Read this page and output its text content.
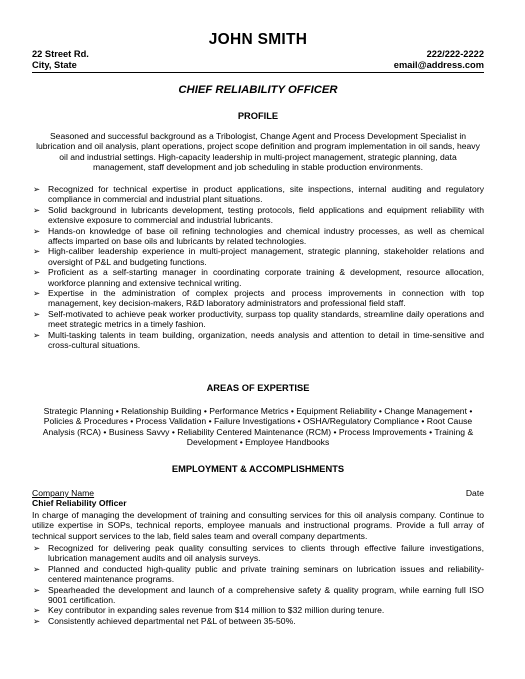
JOHN SMITH
22 Street Rd.
City, State
222/222-2222
email@address.com
CHIEF RELIABILITY OFFICER
PROFILE
Seasoned and successful background as a Tribologist, Change Agent and Process Development Specialist in lubrication and oil analysis, plant operations, project scope definition and program implementation in oil sands, heavy oil and industrial settings. High-capacity leadership in multi-project management, strategic planning, data management, staff development and job scheduling in stable production environments.
➢ Recognized for technical expertise in product applications, site inspections, internal auditing and regulatory compliance in commercial and industrial plant situations.
➢ Solid background in lubricants development, testing protocols, field applications and equipment reliability with extensive exposure to commercial and industrial lubricants.
➢ Hands-on knowledge of base oil refining technologies and chemical industry processes, as well as chemical affects imparted on base oils and lubricants by related technologies.
➢ High-caliber leadership experience in multi-project management, strategic planning, stakeholder relations and oversight of P&L and budgeting functions.
➢ Proficient as a self-starting manager in coordinating corporate training & development, resource allocation, workforce planning and extensive technical writing.
➢ Expertise in the administration of complex projects and process improvements in connection with top management, key decision-makers, R&D laboratory administrators and professional field staff.
➢ Self-motivated to achieve peak worker productivity, surpass top quality standards, streamline daily operations and meet strategic metrics in a timely fashion.
➢ Multi-tasking talents in team building, organization, needs analysis and attention to detail in time-sensitive and cross-cultural situations.
AREAS OF EXPERTISE
Strategic Planning • Relationship Building • Performance Metrics • Equipment Reliability • Change Management • Policies & Procedures • Process Validation • Failure Investigations • OSHA/Regulatory Compliance • Root Cause Analysis (RCA) • Business Savvy • Reliability Centered Maintenance (RCM) • Process Improvements • Training & Development • Employee Handbooks
EMPLOYMENT & ACCOMPLISHMENTS
Company Name	Date
Chief Reliability Officer
In charge of managing the development of training and consulting services for this oil analysis company. Continue to utilize expertise in SOPs, technical reports, employee manuals and instructional programs. Provide a full array of technical support services to the lab, field sales team and overall company departments.
➢ Recognized for delivering peak quality consulting services to clients through effective failure investigations, lubrication management audits and oil analysis surveys.
➢ Planned and conducted high-quality public and private training seminars on lubrication issues and reliability-centered maintenance programs.
➢ Spearheaded the development and launch of a comprehensive safety & quality program, while earning full ISO 9001 certification.
➢ Key contributor in expanding sales revenue from $14 million to $32 million during tenure.
➢ Consistently achieved departmental net P&L of between 35-50%.
